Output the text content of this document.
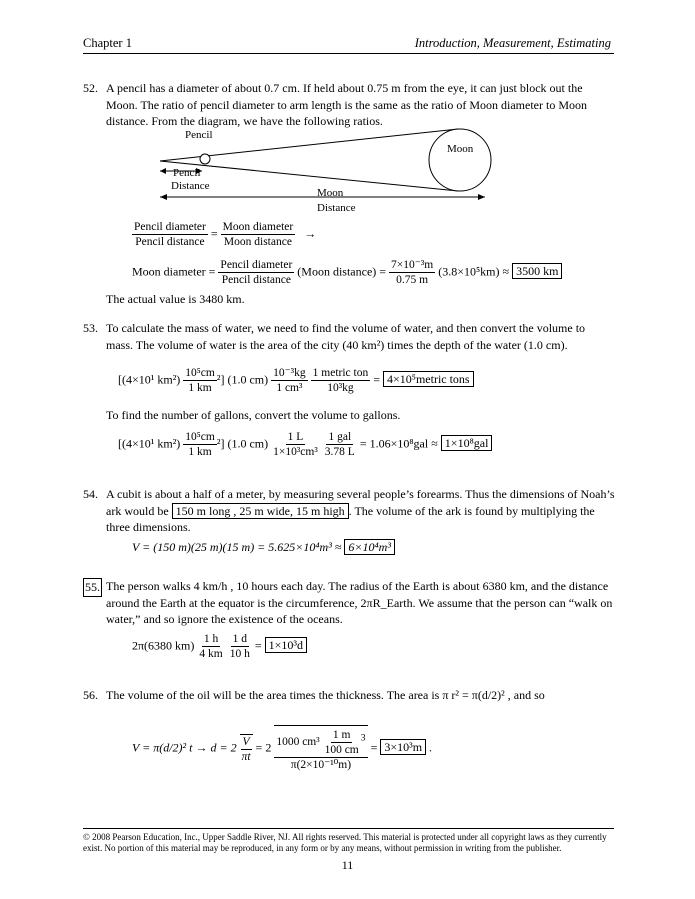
Chapter 1	Introduction, Measurement, Estimating
52. A pencil has a diameter of about 0.7 cm. If held about 0.75 m from the eye, it can just block out the Moon. The ratio of pencil diameter to arm length is the same as the ratio of Moon diameter to Moon distance. From the diagram, we have the following ratios.
Pencil
Moon
Pencil
Distance
Moon
Distance
$\frac{\text{Pencil diameter}}{\text{Pencil distance}} = \frac{\text{Moon diameter}}{\text{Moon distance}}$ →
Moon diameter = $\frac{\text{Pencil diameter}}{\text{Pencil distance}}$ (Moon distance) = $\frac{\text{7×10⁻³m}}{0.75 m} (3.8\times 10^5km) \approx 3500$ km
The actual value is 3480 km.
53. To calculate the mass of water, we need to find the volume of water, and then convert the volume to mass. The volume of water is the area of the city (40 km²) times the depth of the water (1.0 cm).
[(4×10¹ $km^2) \frac{\text{10⁵cm}}{1 km} ^2$] (1.0 $cm) \frac{\text{10⁻³kg}}{\text{1 cm³}}$
$\frac{\text{1 metric ton}}{\text{10³kg}}$ = 4×10⁵metric tons
To find the number of gallons, convert the volume to gallons.
[(4×10¹ $km^2) \frac{\text{10⁵cm}}{1 km} ^2$] (1.0 $cm) \frac{1 L}{\text{1×10³cm³}}$
$\frac{\text{1 gal}}{3.78 L} = 1.06\times 10^8gal \approx 1\times 10^8gal$
54. A cubit is about a half of a meter, by measuring several people’s forearms. Thus the dimensions of Noah’s ark would be 150 m long , 25 m wide, 15 m high . The volume of the ark is found by multiplying the three dimensions.
V = (150 m)(25 m)(15 m) = 5.625×10⁴m³ ≈ 6×10⁴m³
55. The person walks 4 km/h , 10 hours each day. The radius of the Earth is about 6380 km, and the distance around the Earth at the equator is the circumference, 2πR_Earth. We assume that the person can “walk on water,” and so ignore the existence of the oceans.
2π(6380 $km) \frac{1 h}{4 km}$
$\frac{1 d}{10 h} = 1\times 10^3d$
56. The volume of the oil will be the area times the thickness. The area is π r² = π(d/2)² , and so
V = π(d/2)² $t \to d = 2 \frac{V}{\pi t} = 2 \frac{1000 cm^3 \frac{1 m}{100 cm} ^3}{\text{π(2×10⁻¹⁰m)}} = 3\times 10^3m$ .
© 2008 Pearson Education, Inc., Upper Saddle River, NJ. All rights reserved. This material is protected under all copyright laws as they currently exist. No portion of this material may be reproduced, in any form or by any means, without permission in writing from the publisher.
11
